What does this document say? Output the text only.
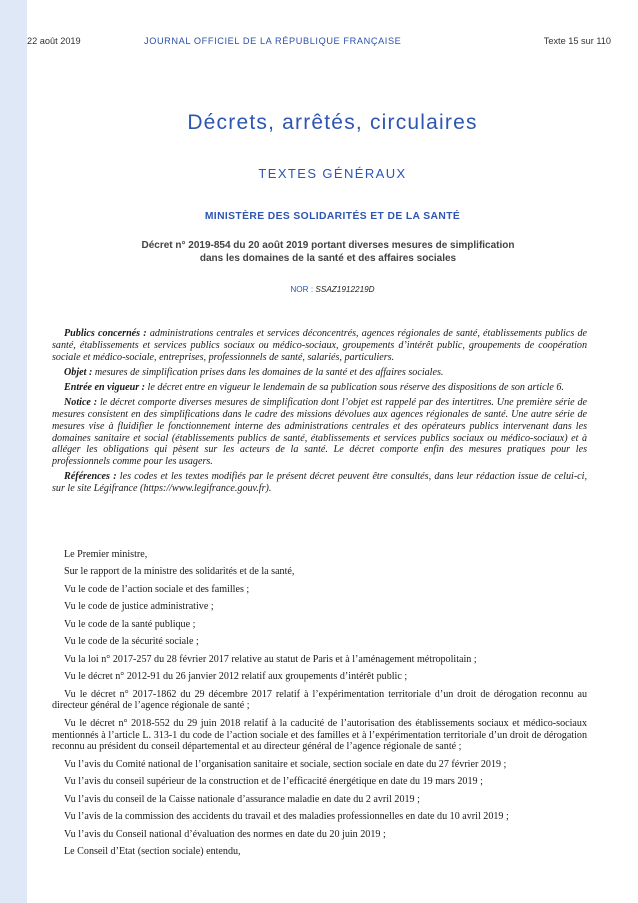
22 août 2019	JOURNAL OFFICIEL DE LA RÉPUBLIQUE FRANÇAISE	Texte 15 sur 110
Décrets, arrêtés, circulaires
TEXTES GÉNÉRAUX
MINISTÈRE DES SOLIDARITÉS ET DE LA SANTÉ
Décret n° 2019-854 du 20 août 2019 portant diverses mesures de simplification
dans les domaines de la santé et des affaires sociales
NOR : SSAZ1912219D

Publics concernés : administrations centrales et services déconcentrés, agences régionales de santé, établissements publics de santé, établissements et services publics sociaux ou médico-sociaux, groupements d’intérêt public, groupements de coopération sociale et médico-sociale, entreprises, professionnels de santé, salariés, particuliers.

Objet : mesures de simplification prises dans les domaines de la santé et des affaires sociales.

Entrée en vigueur : le décret entre en vigueur le lendemain de sa publication sous réserve des dispositions de son article 6.

Notice : le décret comporte diverses mesures de simplification dont l’objet est rappelé par des intertitres. Une première série de mesures consistent en des simplifications dans le cadre des missions dévolues aux agences régionales de santé. Une autre série de mesures vise à fluidifier le fonctionnement interne des administrations centrales et des opérateurs publics intervenant dans les domaines sanitaire et social (établissements publics de santé, établissements et services publics sociaux ou médico-sociaux) et à alléger les obligations qui pèsent sur les acteurs de la santé. Le décret comporte enfin des mesures pratiques pour les professionnels comme pour les usagers.

Références : les codes et les textes modifiés par le présent décret peuvent être consultés, dans leur rédaction issue de celui-ci, sur le site Légifrance (https://www.legifrance.gouv.fr).

Le Premier ministre,

Sur le rapport de la ministre des solidarités et de la santé,

Vu le code de l’action sociale et des familles ;

Vu le code de justice administrative ;

Vu le code de la santé publique ;

Vu le code de la sécurité sociale ;

Vu la loi n° 2017-257 du 28 février 2017 relative au statut de Paris et à l’aménagement métropolitain ;

Vu le décret n° 2012-91 du 26 janvier 2012 relatif aux groupements d’intérêt public ;

Vu le décret n° 2017-1862 du 29 décembre 2017 relatif à l’expérimentation territoriale d’un droit de dérogation reconnu au directeur général de l’agence régionale de santé ;

Vu le décret n° 2018-552 du 29 juin 2018 relatif à la caducité de l’autorisation des établissements sociaux et médico-sociaux mentionnés à l’article L. 313-1 du code de l’action sociale et des familles et à l’expérimentation territoriale d’un droit de dérogation reconnu au président du conseil départemental et au directeur général de l’agence régionale de santé ;

Vu l’avis du Comité national de l’organisation sanitaire et sociale, section sociale en date du 27 février 2019 ;

Vu l’avis du conseil supérieur de la construction et de l’efficacité énergétique en date du 19 mars 2019 ;

Vu l’avis du conseil de la Caisse nationale d’assurance maladie en date du 2 avril 2019 ;

Vu l’avis de la commission des accidents du travail et des maladies professionnelles en date du 10 avril 2019 ;

Vu l’avis du Conseil national d’évaluation des normes en date du 20 juin 2019 ;

Le Conseil d’Etat (section sociale) entendu,
